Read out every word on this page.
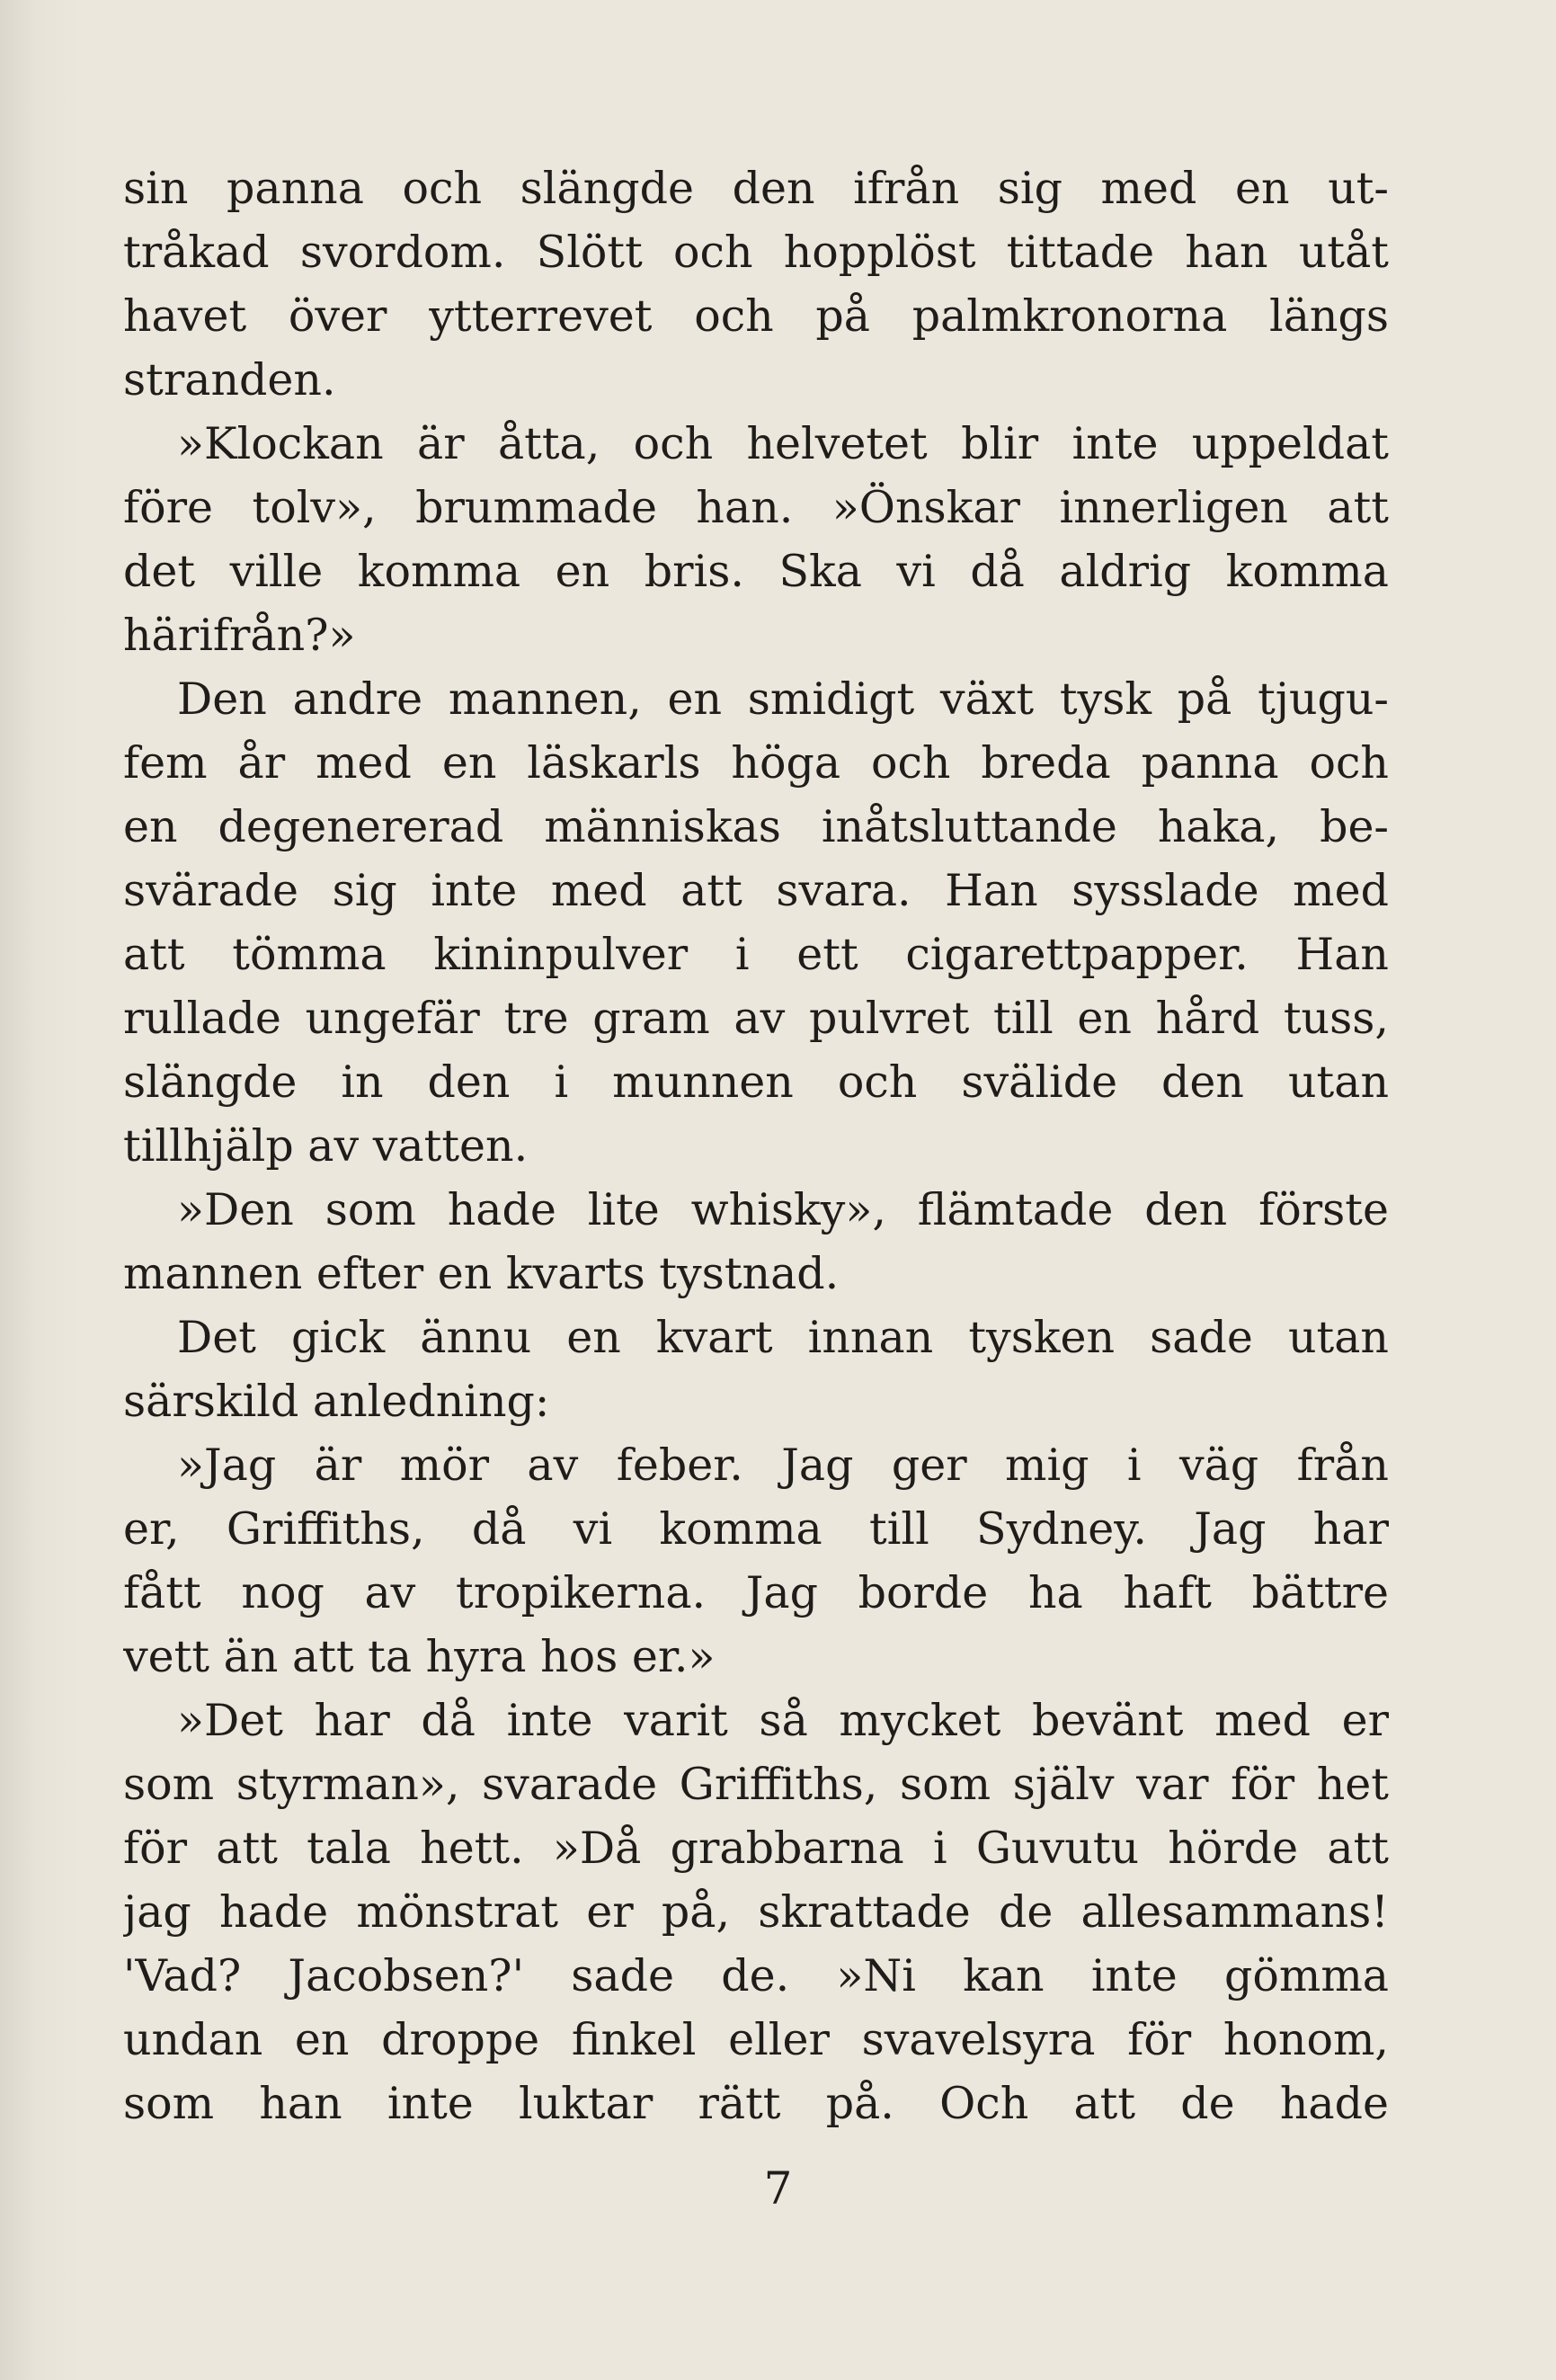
sin panna och slängde den ifrån sig med en ut-
tråkad svordom. Slött och hopplöst tittade han utåt
havet över ytterrevet och på palmkronorna längs
stranden.
»Klockan är åtta, och helvetet blir inte uppeldat
före tolv», brummade han. »Önskar innerligen att
det ville komma en bris. Ska vi då aldrig komma
härifrån?»
Den andre mannen, en smidigt växt tysk på tjugu-
fem år med en läskarls höga och breda panna och
en degenererad människas inåtsluttande haka, be-
svärade sig inte med att svara. Han sysslade med
att tömma kininpulver i ett cigarettpapper. Han
rullade ungefär tre gram av pulvret till en hård tuss,
slängde in den i munnen och svälide den utan
tillhjälp av vatten.
»Den som hade lite whisky», flämtade den förste
mannen efter en kvarts tystnad.
Det gick ännu en kvart innan tysken sade utan
särskild anledning:
»Jag är mör av feber. Jag ger mig i väg från
er, Griffiths, då vi komma till Sydney. Jag har
fått nog av tropikerna. Jag borde ha haft bättre
vett än att ta hyra hos er.»
»Det har då inte varit så mycket bevänt med er
som styrman», svarade Griffiths, som själv var för het
för att tala hett. »Då grabbarna i Guvutu hörde att
jag hade mönstrat er på, skrattade de allesammans!
'Vad? Jacobsen?' sade de. »Ni kan inte gömma
undan en droppe finkel eller svavelsyra för honom,
som han inte luktar rätt på. Och att de hade
7
